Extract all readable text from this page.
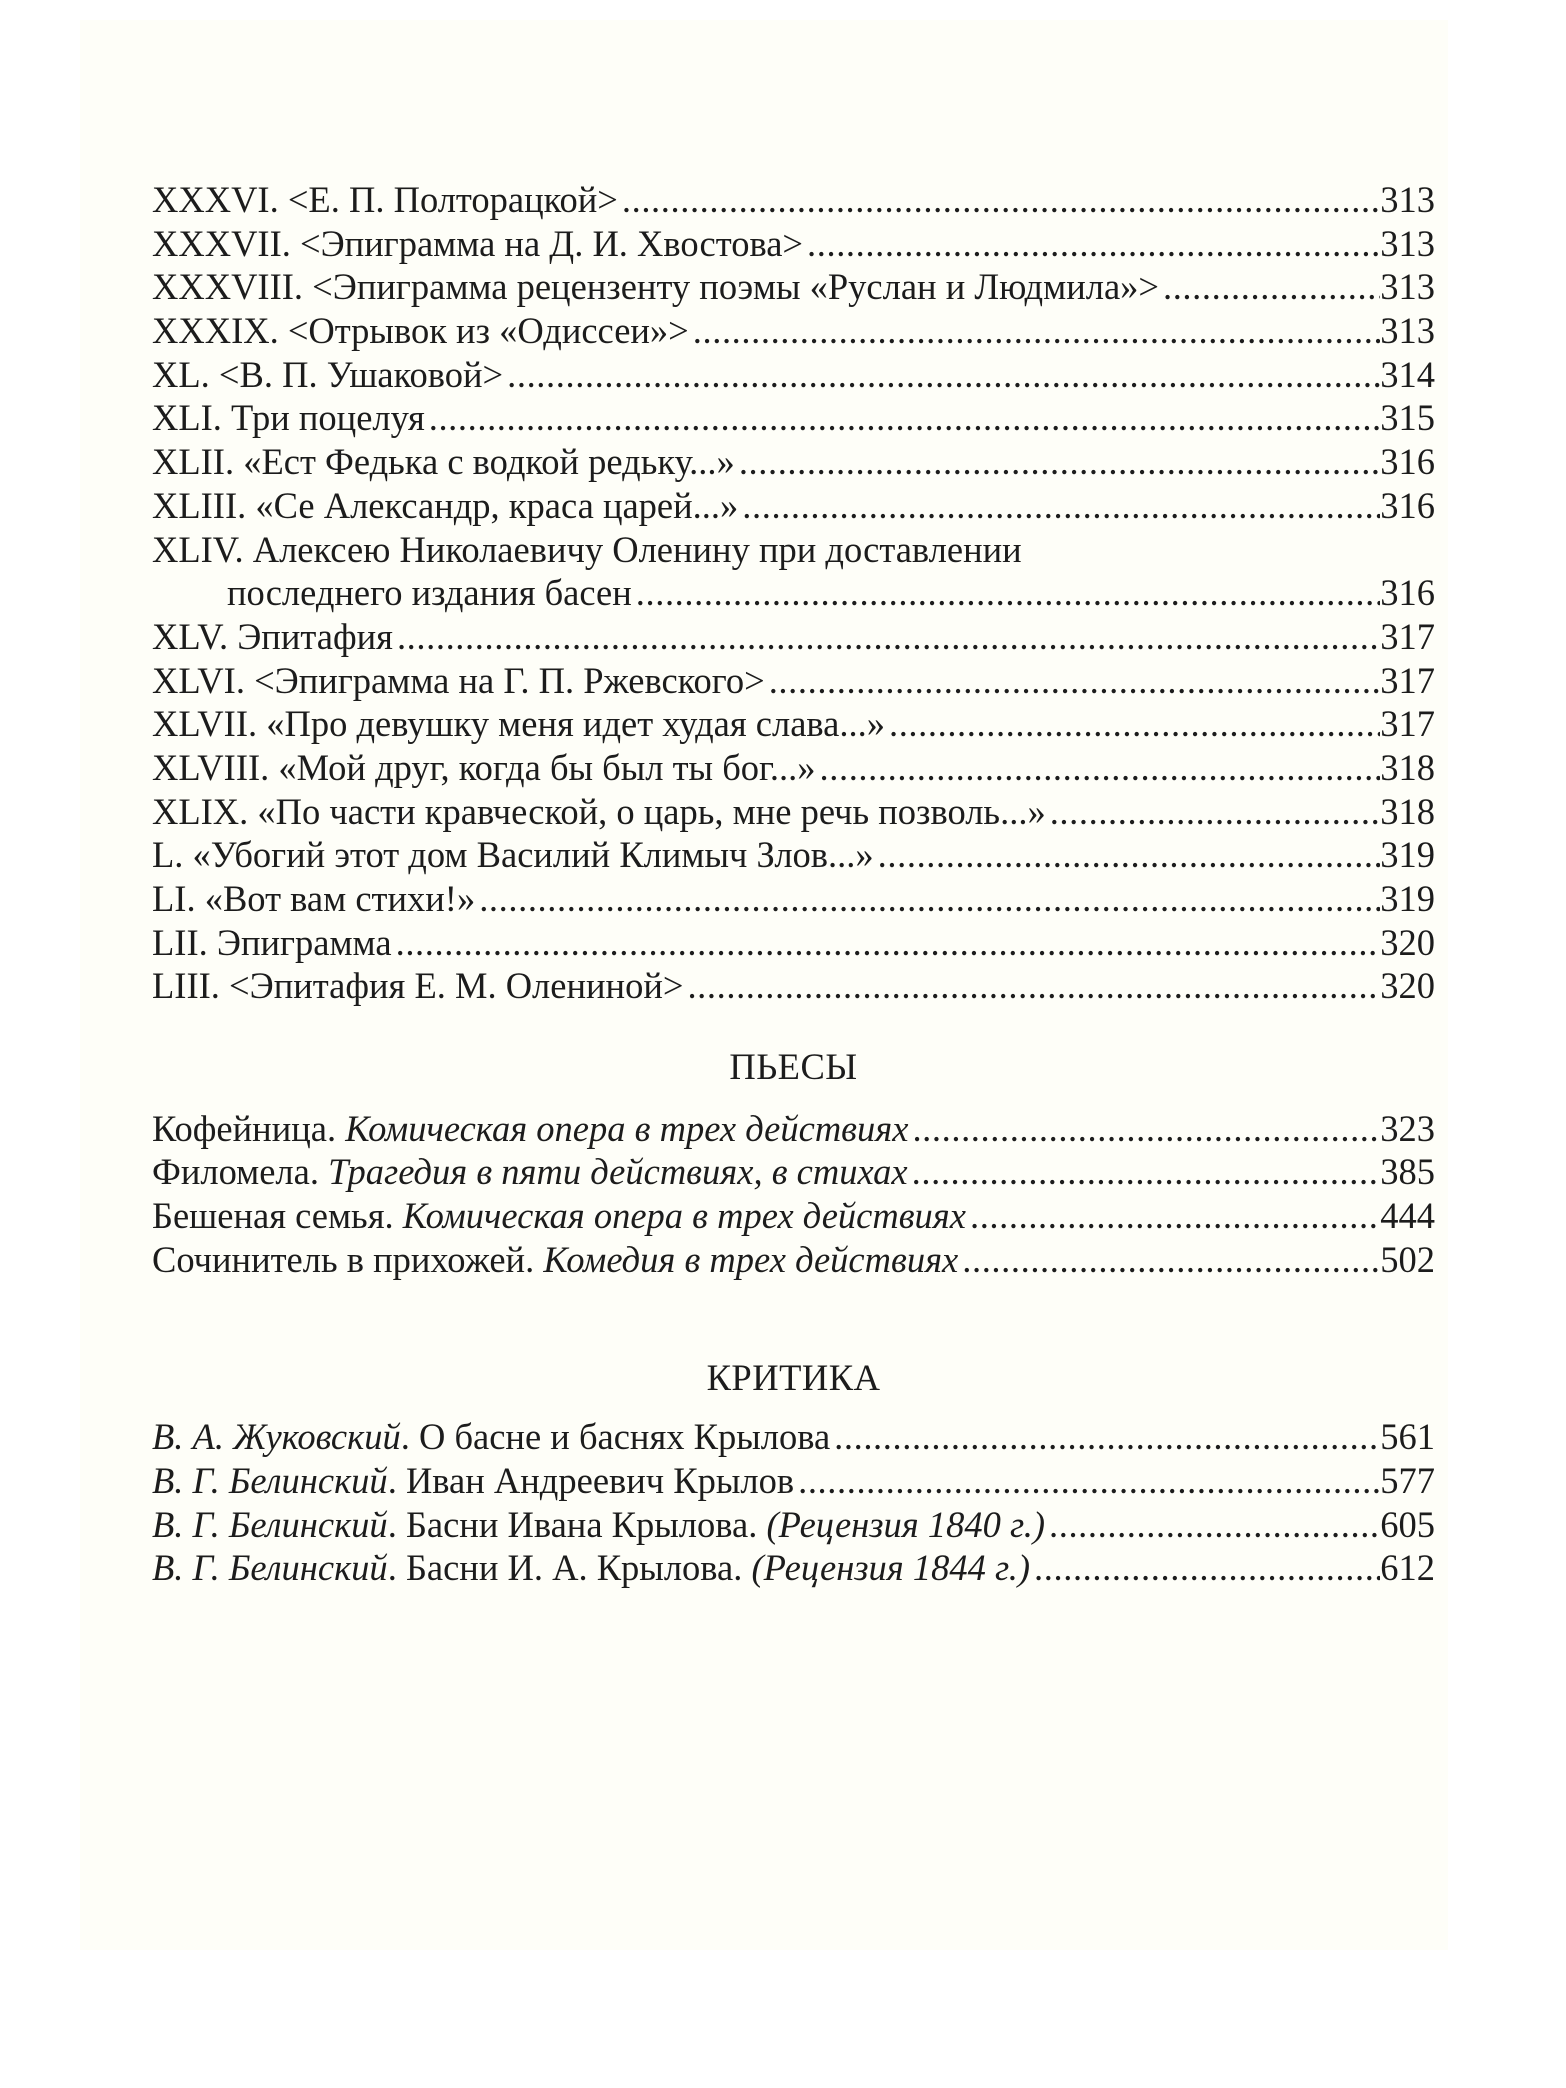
XXXVI. <Е. П. Полторацкой> .....	313
XXXVII. <Эпиграмма на Д. И. Хвостова> .....	313
XXXVIII. <Эпиграмма рецензенту поэмы «Руслан и Людмила»> .....	313
XXXIX. <Отрывок из «Одиссеи»> .....	313
XL. <В. П. Ушаковой> .....	314
XLI. Три поцелуя .....	315
XLII. «Ест Федька с водкой редьку...» .....	316
XLIII. «Се Александр, краса царей...» .....	316
XLIV. Алексею Николаевичу Оленину при доставлении
последнего издания басен .....	316
XLV. Эпитафия .....	317
XLVI. <Эпиграмма на Г. П. Ржевского> .....	317
XLVII. «Про девушку меня идет худая слава...» .....	317
XLVIII. «Мой друг, когда бы был ты бог...» .....	318
XLIX. «По части кравческой, о царь, мне речь позволь...» .....	318
L. «Убогий этот дом Василий Климыч Злов...» .....	319
LI. «Вот вам стихи!» .....	319
LII. Эпиграмма .....	320
LIII. <Эпитафия Е. М. Олениной> .....	320
ПЬЕСЫ
Кофейница. Комическая опера в трех действиях .....	323
Филомела. Трагедия в пяти действиях, в стихах .....	385
Бешеная семья. Комическая опера в трех действиях .....	444
Сочинитель в прихожей. Комедия в трех действиях .....	502
КРИТИКА
В. А. Жуковский. О басне и баснях Крылова .....	561
В. Г. Белинский. Иван Андреевич Крылов .....	577
В. Г. Белинский. Басни Ивана Крылова. (Рецензия 1840 г.) .....	605
В. Г. Белинский. Басни И. А. Крылова. (Рецензия 1844 г.) .....	612
